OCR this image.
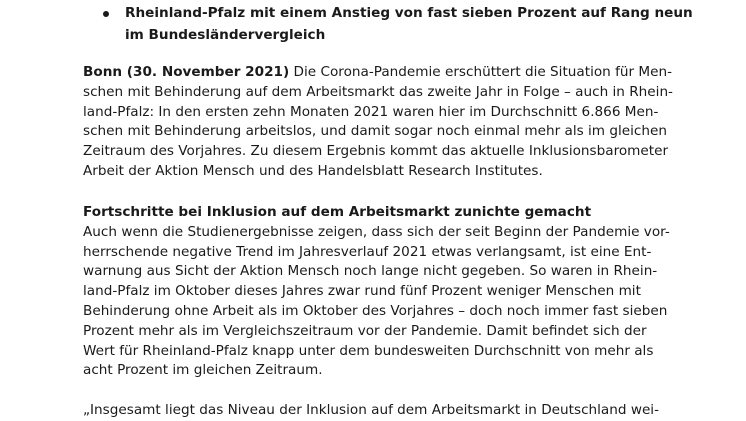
Rheinland-Pfalz mit einem Anstieg von fast sieben Prozent auf Rang neun
im Bundesländervergleich
Bonn (30. November 2021) Die Corona-Pandemie erschüttert die Situation für Men-
schen mit Behinderung auf dem Arbeitsmarkt das zweite Jahr in Folge – auch in Rhein-
land-Pfalz: In den ersten zehn Monaten 2021 waren hier im Durchschnitt 6.866 Men-
schen mit Behinderung arbeitslos, und damit sogar noch einmal mehr als im gleichen
Zeitraum des Vorjahres. Zu diesem Ergebnis kommt das aktuelle Inklusionsbarometer
Arbeit der Aktion Mensch und des Handelsblatt Research Institutes.
Fortschritte bei Inklusion auf dem Arbeitsmarkt zunichte gemacht
Auch wenn die Studienergebnisse zeigen, dass sich der seit Beginn der Pandemie vor-
herrschende negative Trend im Jahresverlauf 2021 etwas verlangsamt, ist eine Ent-
warnung aus Sicht der Aktion Mensch noch lange nicht gegeben. So waren in Rhein-
land-Pfalz im Oktober dieses Jahres zwar rund fünf Prozent weniger Menschen mit
Behinderung ohne Arbeit als im Oktober des Vorjahres – doch noch immer fast sieben
Prozent mehr als im Vergleichszeitraum vor der Pandemie. Damit befindet sich der
Wert für Rheinland-Pfalz knapp unter dem bundesweiten Durchschnitt von mehr als
acht Prozent im gleichen Zeitraum.
„Insgesamt liegt das Niveau der Inklusion auf dem Arbeitsmarkt in Deutschland wei-
